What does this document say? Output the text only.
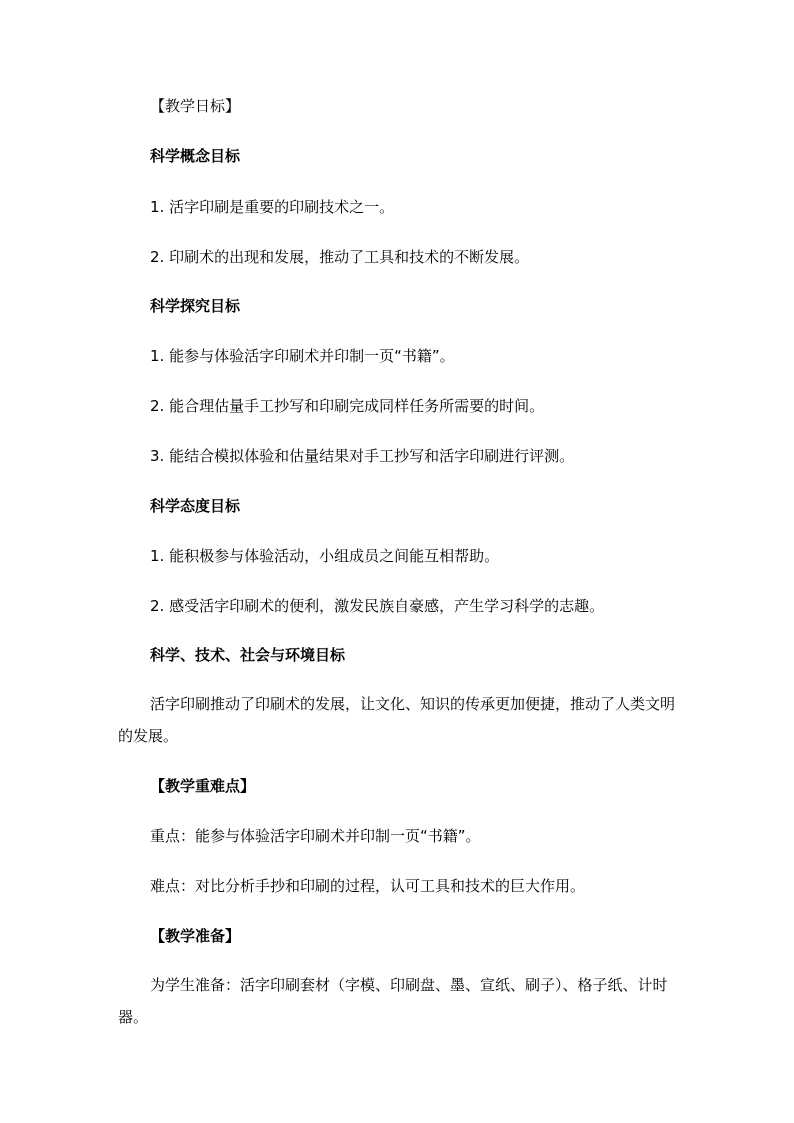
【教学日标】
科学概念目标
1. 活字印刷是重要的印刷技术之一。
2. 印刷术的出现和发展，推动了工具和技术的不断发展。
科学探究目标
1. 能参与体验活字印刷术并印制一页“书籍”。
2. 能合理估量手工抄写和印刷完成同样任务所需要的时间。
3. 能结合模拟体验和估量结果对手工抄写和活字印刷进行评测。
科学态度目标
1. 能积极参与体验活动，小组成员之间能互相帮助。
2. 感受活字印刷术的便利，激发民族自豪感，产生学习科学的志趣。
科学、技术、社会与环境目标
活字印刷推动了印刷术的发展，让文化、知识的传承更加便捷，推动了人类文明的发展。
【教学重难点】
重点：能参与体验活字印刷术并印制一页“书籍”。
难点：对比分析手抄和印刷的过程，认可工具和技术的巨大作用。
【教学准备】
为学生准备：活字印刷套材（字模、印刷盘、墨、宣纸、刷子）、格子纸、计时器。
